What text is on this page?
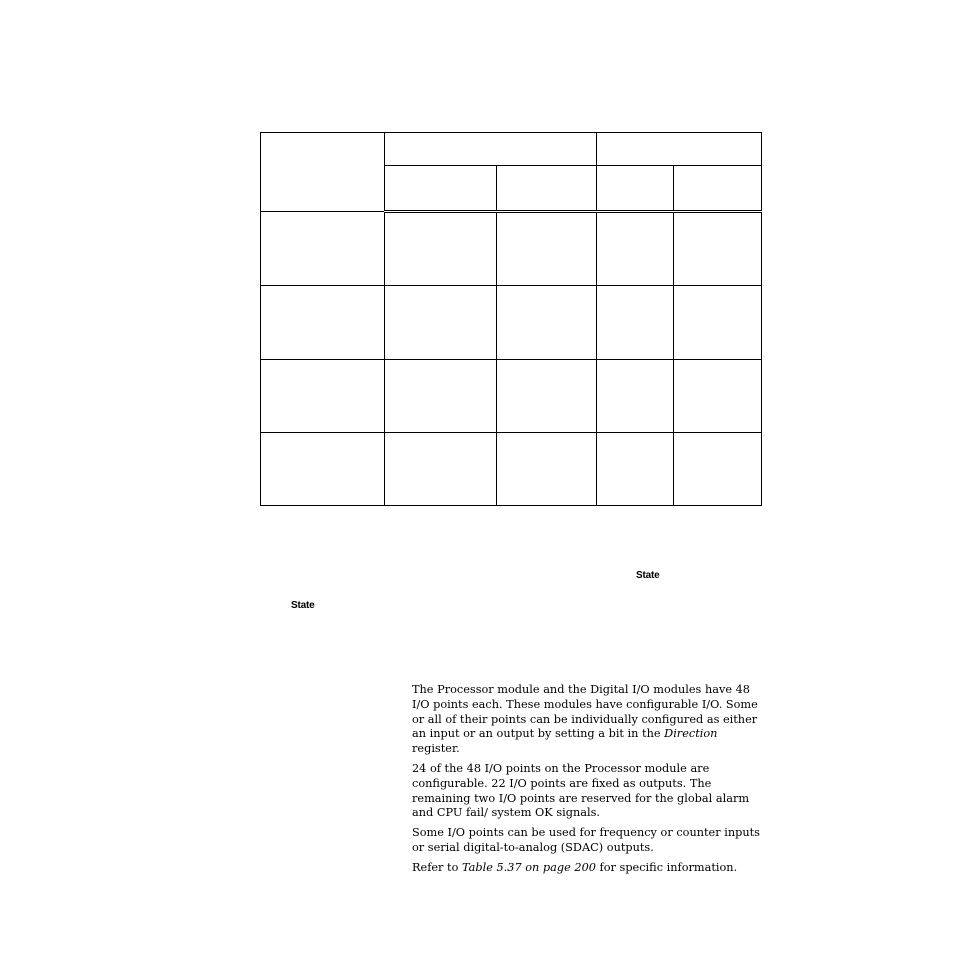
State
State

The Processor module and the Digital I/O modules have 48 I/O points each. These modules have configurable I/O. Some or all of their points can be individually configured as either an input or an output by setting a bit in the Direction register.

24 of the 48 I/O points on the Processor module are configurable. 22 I/O points are fixed as outputs. The remaining two I/O points are reserved for the global alarm and CPU fail/ system OK signals.

Some I/O points can be used for frequency or counter inputs or serial digital-to-analog (SDAC) outputs.

Refer to Table 5.37 on page 200 for specific information.
